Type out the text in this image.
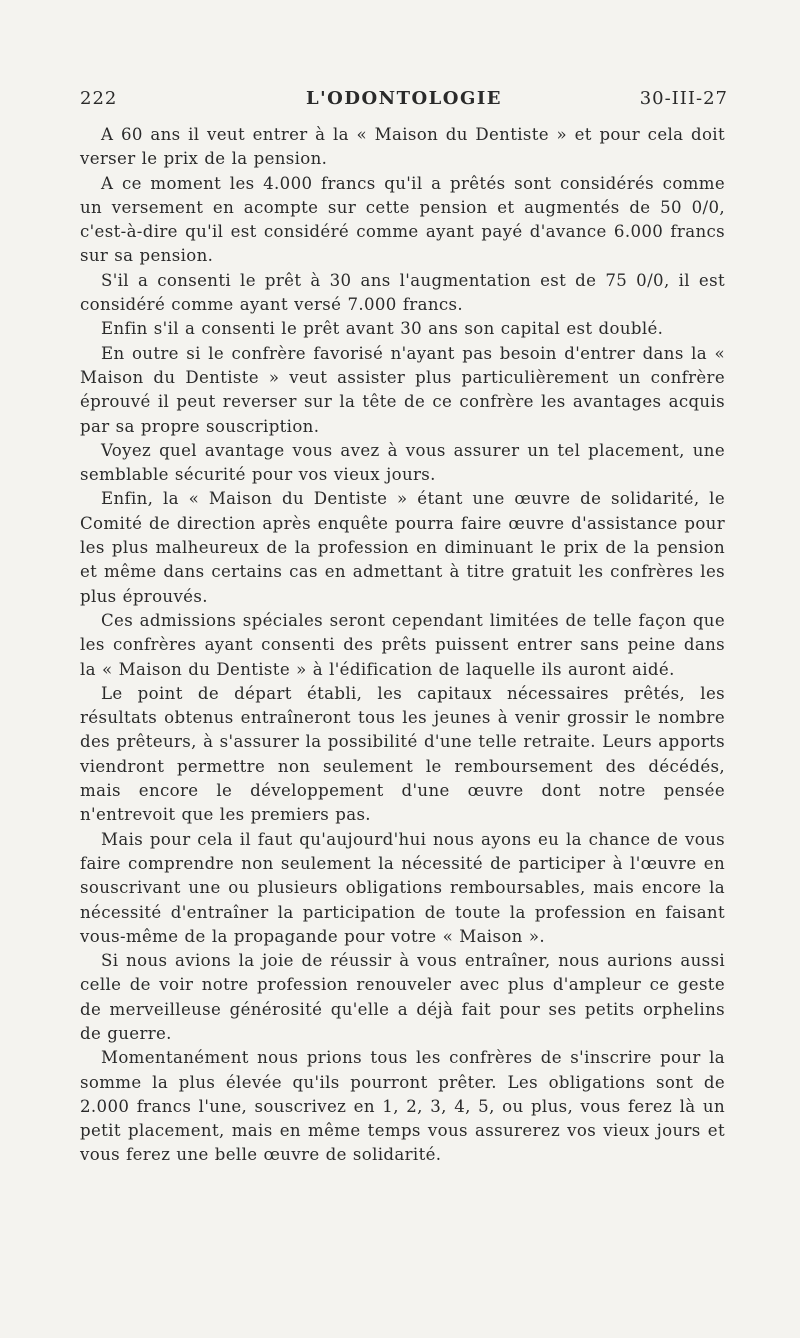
222	L'ODONTOLOGIE	30-III-27

A 60 ans il veut entrer à la « Maison du Dentiste » et pour cela doit verser le prix de la pension.

A ce moment les 4.000 francs qu'il a prêtés sont considérés comme un versement en acompte sur cette pension et augmentés de 50 0/0, c'est-à-dire qu'il est considéré comme ayant payé d'avance 6.000 francs sur sa pension.

S'il a consenti le prêt à 30 ans l'augmentation est de 75 0/0, il est considéré comme ayant versé 7.000 francs.

Enfin s'il a consenti le prêt avant 30 ans son capital est doublé.

En outre si le confrère favorisé n'ayant pas besoin d'entrer dans la « Maison du Dentiste » veut assister plus particulièrement un confrère éprouvé il peut reverser sur la tête de ce confrère les avantages acquis par sa propre souscription.

Voyez quel avantage vous avez à vous assurer un tel placement, une semblable sécurité pour vos vieux jours.

Enfin, la « Maison du Dentiste » étant une œuvre de solidarité, le Comité de direction après enquête pourra faire œuvre d'assistance pour les plus malheureux de la profession en diminuant le prix de la pension et même dans certains cas en admettant à titre gratuit les confrères les plus éprouvés.

Ces admissions spéciales seront cependant limitées de telle façon que les confrères ayant consenti des prêts puissent entrer sans peine dans la « Maison du Dentiste » à l'édification de laquelle ils auront aidé.

Le point de départ établi, les capitaux nécessaires prêtés, les résultats obtenus entraîneront tous les jeunes à venir grossir le nombre des prêteurs, à s'assurer la possibilité d'une telle retraite. Leurs apports viendront permettre non seulement le remboursement des décédés, mais encore le développement d'une œuvre dont notre pensée n'entrevoit que les premiers pas.

Mais pour cela il faut qu'aujourd'hui nous ayons eu la chance de vous faire comprendre non seulement la nécessité de participer à l'œuvre en souscrivant une ou plusieurs obligations remboursables, mais encore la nécessité d'entraîner la participation de toute la profession en faisant vous-même de la propagande pour votre « Maison ».

Si nous avions la joie de réussir à vous entraîner, nous aurions aussi celle de voir notre profession renouveler avec plus d'ampleur ce geste de merveilleuse générosité qu'elle a déjà fait pour ses petits orphelins de guerre.

Momentanément nous prions tous les confrères de s'inscrire pour la somme la plus élevée qu'ils pourront prêter. Les obligations sont de 2.000 francs l'une, souscrivez en 1, 2, 3, 4, 5, ou plus, vous ferez là un petit placement, mais en même temps vous assurerez vos vieux jours et vous ferez une belle œuvre de solidarité.
